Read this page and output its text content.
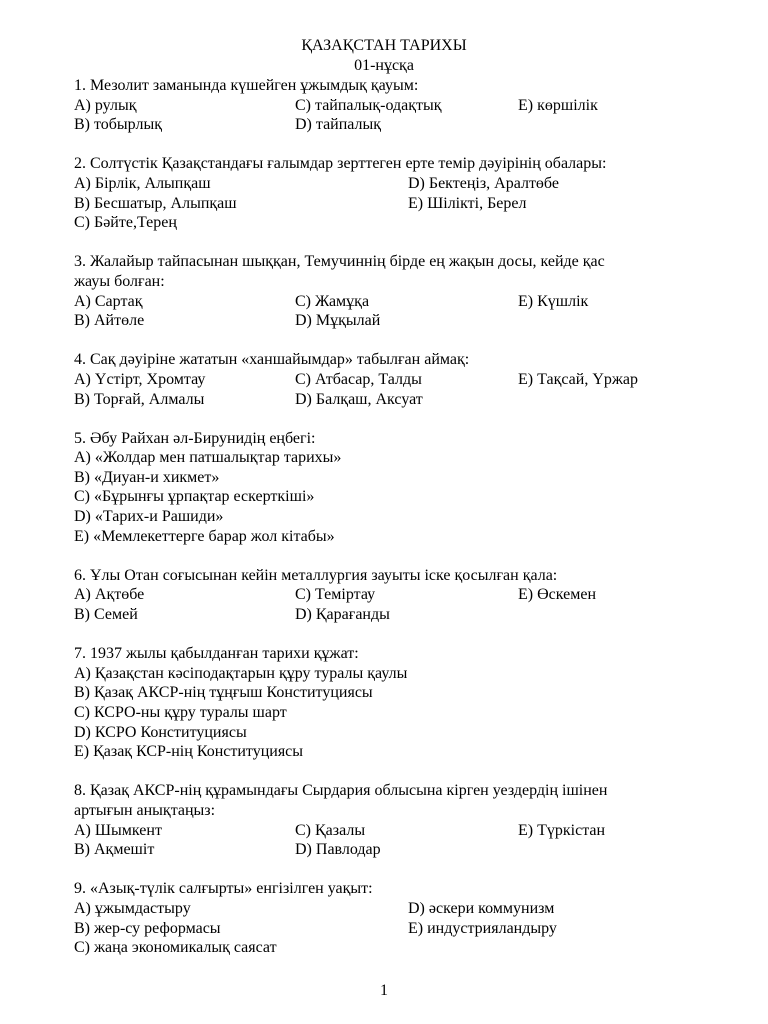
ҚАЗАҚСТАН ТАРИХЫ
01-нұсқа
1. Мезолит заманында күшейген ұжымдық қауым:
A) рулық	C) тайпалық-одақтық	E) көршілік
B) тобырлық	D) тайпалық
2. Солтүстік Қазақстандағы ғалымдар зерттеген ерте темір дәуірінің обалары:
A) Бірлік, Алыпқаш	D) Бектеңіз, Аралтөбе
B) Бесшатыр, Алыпқаш	E) Шілікті, Берел
C) Бәйте,Терең
3. Жалайыр тайпасынан шыққан, Темучиннің бірде ең жақын досы, кейде қас
жауы болған:
A) Сартақ	C) Жамұқа	E) Күшлік
B) Айтөле	D) Мұқылай
4. Сақ дәуіріне жататын «ханшайымдар» табылған аймақ:
A) Үстірт, Хромтау	C) Атбасар, Талды	E) Тақсай, Үржар
B) Торғай, Алмалы	D) Балқаш, Аксуат
5. Әбу Райхан әл-Бирунидің еңбегі:
A) «Жолдар мен патшалықтар тарихы»
B) «Диуан-и хикмет»
C) «Бұрынғы ұрпақтар ескерткіші»
D) «Тарих-и Рашиди»
E) «Мемлекеттерге барар жол кітабы»
6. Ұлы Отан соғысынан кейін металлургия зауыты іске қосылған қала:
A) Ақтөбе	C) Теміртау	E) Өскемен
B) Семей	D) Қарағанды
7. 1937 жылы қабылданған тарихи құжат:
A) Қазақстан кәсіподақтарын құру туралы қаулы
B) Қазақ АКСР-нің тұңғыш Конституциясы
C) КСРО-ны құру туралы шарт
D) КСРО Конституциясы
E) Қазақ КСР-нің Конституциясы
8. Қазақ АКСР-нің құрамындағы Сырдария облысына кірген уездердің ішінен
артығын анықтаңыз:
A) Шымкент	C) Қазалы	E) Түркістан
B) Ақмешіт	D) Павлодар
9. «Азық-түлік салғырты» енгізілген уақыт:
A) ұжымдастыру	D) әскери коммунизм
B) жер-су реформасы	E) индустрияландыру
C) жаңа экономикалық саясат
1
